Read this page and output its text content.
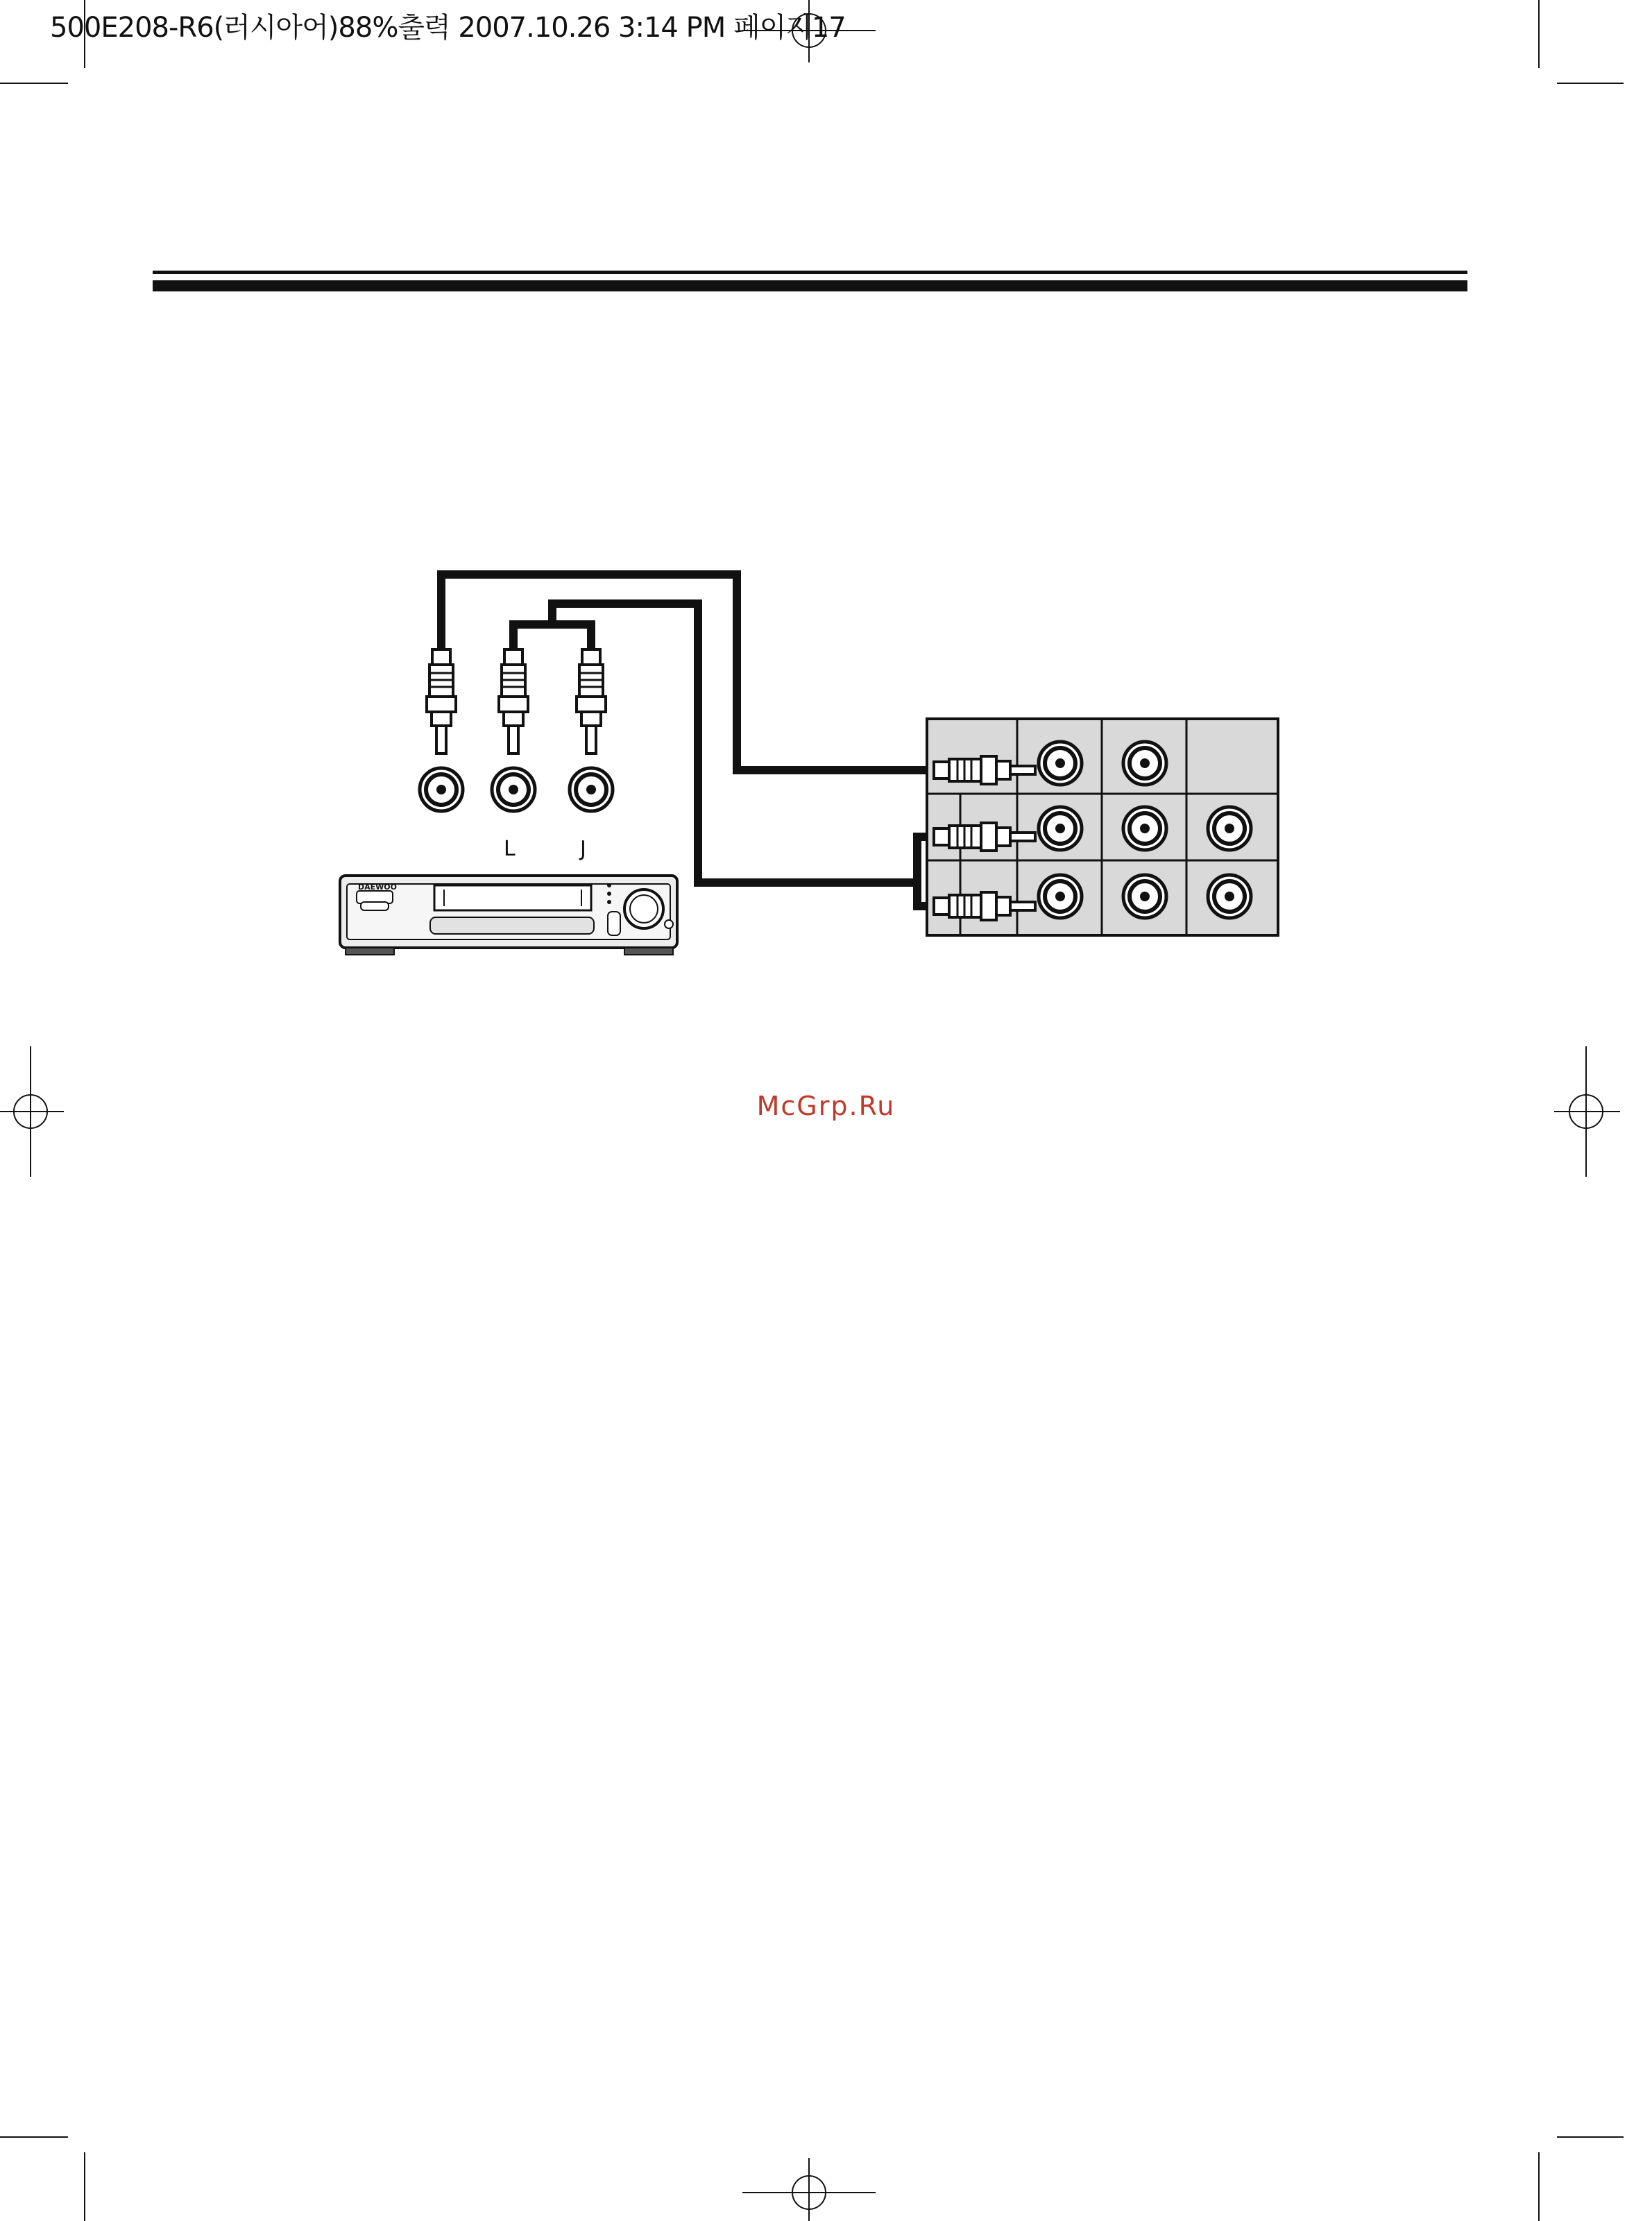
500E208-R6(러시아어)88%출력 2007.10.26 3:14 PM 페이지17
DAEWOO
L	J
McGrp.Ru
